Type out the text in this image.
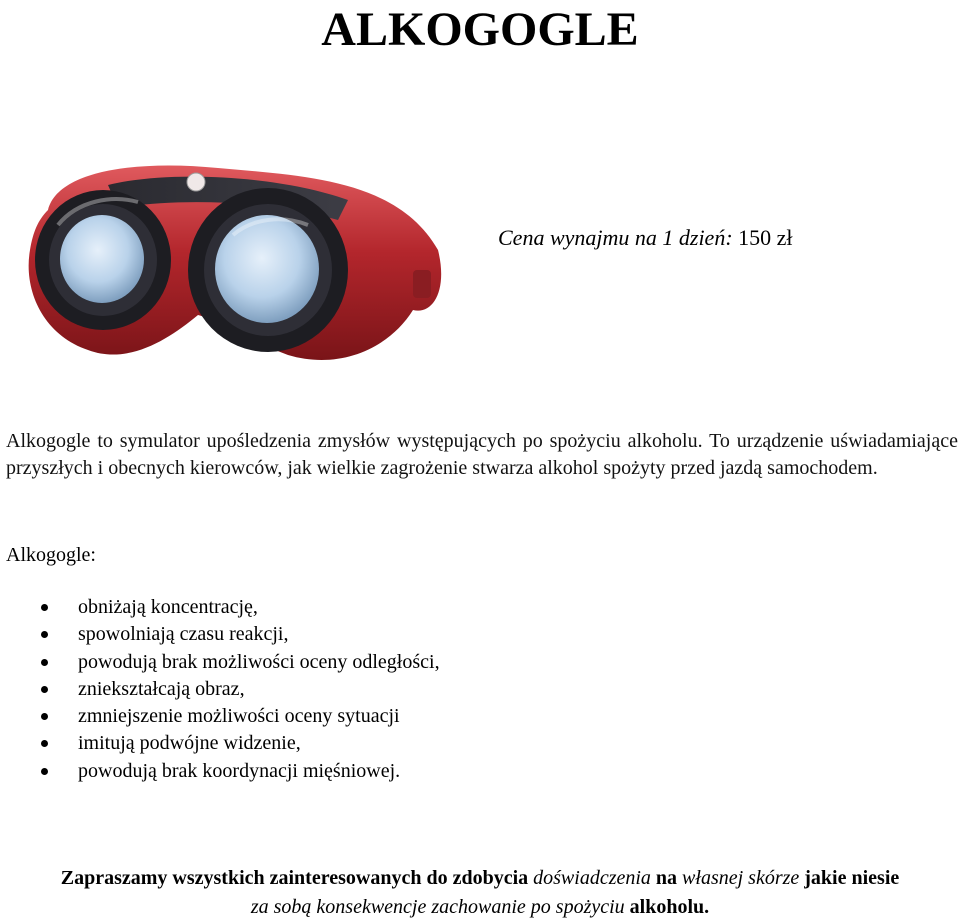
ALKOGOGLE
Cena wynajmu na 1 dzień: 150 zł
Alkogogle to symulator upośledzenia zmysłów występujących po spożyciu alkoholu. To urządzenie uświadamiające przyszłych i obecnych kierowców, jak wielkie zagrożenie stwarza alkohol spożyty przed jazdą samochodem.
Alkogogle:
obniżają koncentrację,
spowolniają czasu reakcji,
powodują brak możliwości oceny odległości,
zniekształcają obraz,
zmniejszenie możliwości oceny sytuacji
imitują podwójne widzenie,
powodują brak koordynacji mięśniowej.
Zapraszamy wszystkich zainteresowanych do zdobycia doświadczenia na własnej skórze jakie niesie
za sobą konsekwencje zachowanie po spożyciu alkoholu.
